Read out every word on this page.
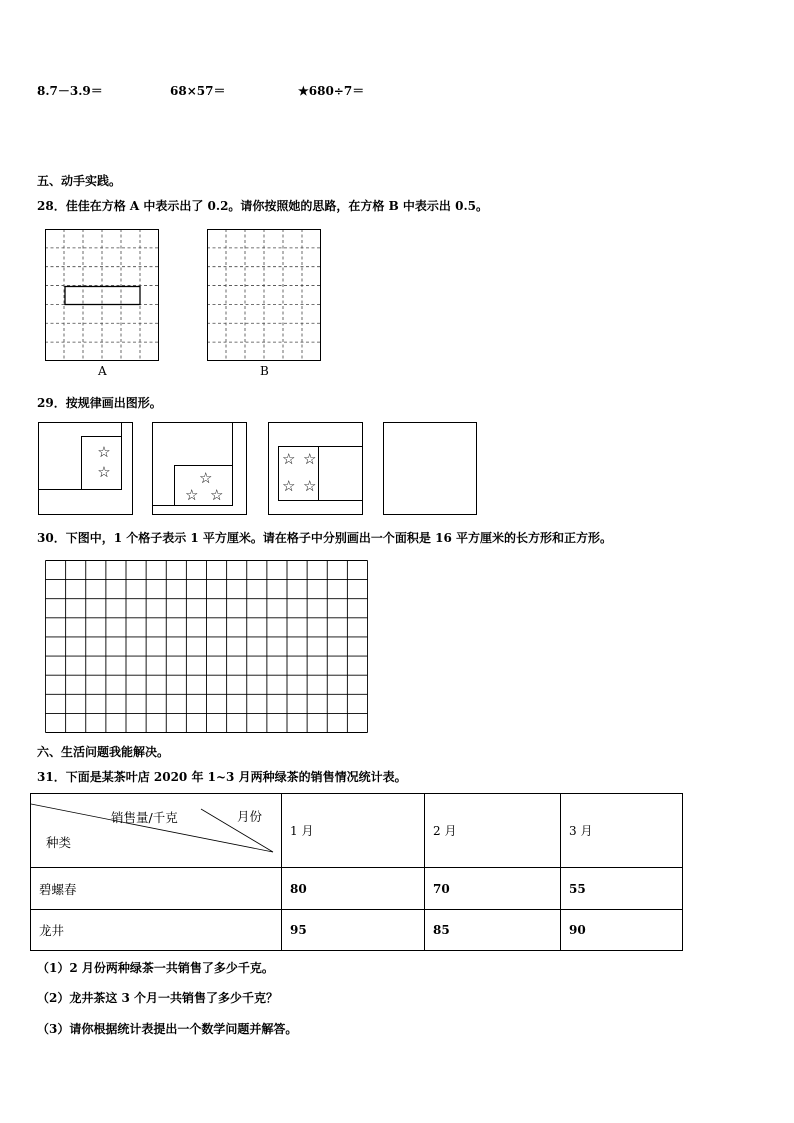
8.7－3.9＝	68×57＝	★680÷7＝
五、动手实践。
28．佳佳在方格 A 中表示出了 0.2。请你按照她的思路，在方格 B 中表示出 0.5。
A	B
29．按规律画出图形。
☆
☆	☆
☆ ☆
☆ ☆
☆ ☆
30．下图中，1 个格子表示 1 平方厘米。请在格子中分别画出一个面积是 16 平方厘米的长方形和正方形。
六、生活问题我能解决。
31．下面是某茶叶店 2020 年 1~3 月两种绿茶的销售情况统计表。
销售量/千克 月份
种类	1 月	2 月	3 月
碧螺春	80	70	55
龙井	95	85	90
（1）2 月份两种绿茶一共销售了多少千克。
（2）龙井茶这 3 个月一共销售了多少千克？
（3）请你根据统计表提出一个数学问题并解答。
